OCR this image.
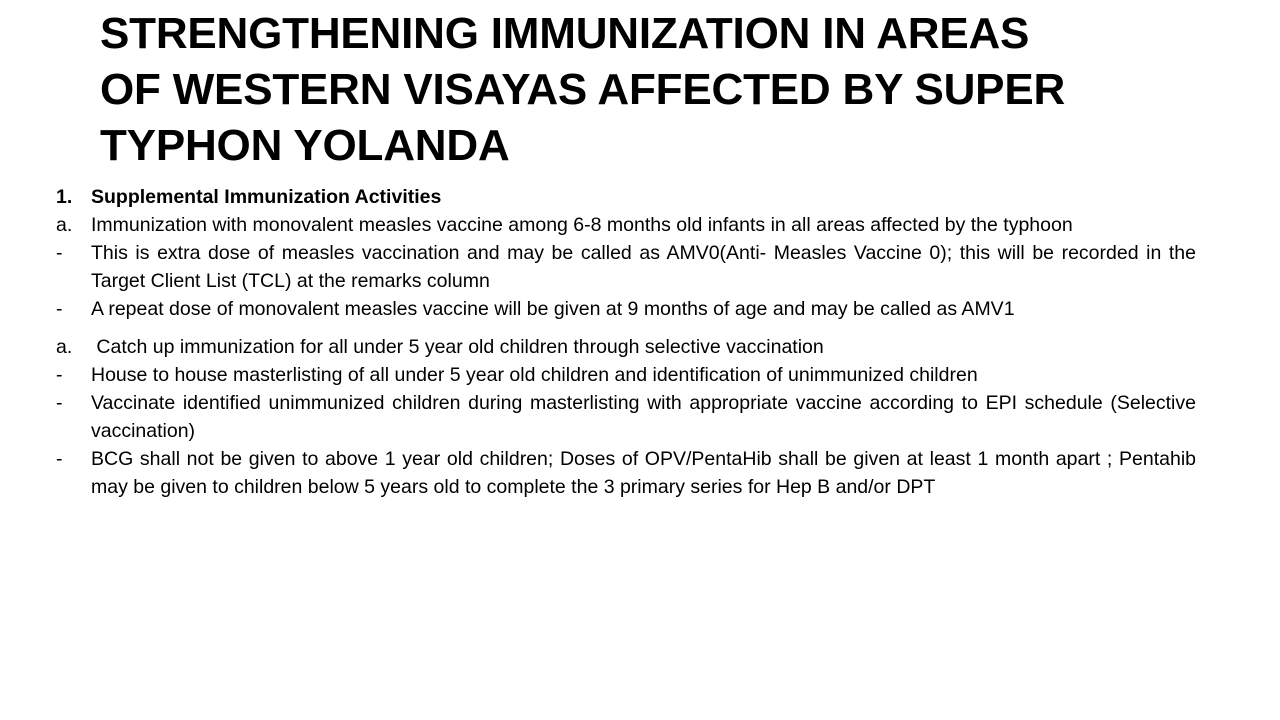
STRENGTHENING IMMUNIZATION IN AREAS
OF WESTERN VISAYAS AFFECTED BY SUPER
TYPHON YOLANDA
1. Supplemental Immunization Activities
a. Immunization with monovalent measles vaccine among 6-8 months old infants in all areas affected by the typhoon
-	This is extra dose of measles vaccination and may be called as AMV0(Anti- Measles Vaccine 0); this will be recorded in the Target Client List (TCL) at the remarks column
-	A repeat dose of monovalent measles vaccine will be given at 9 months of age and may be called as AMV1
a. Catch up immunization for all under 5 year old children through selective vaccination
-	House to house masterlisting of all under 5 year old children and identification of unimmunized children
-	Vaccinate identified unimmunized children during masterlisting with appropriate vaccine according to EPI schedule (Selective vaccination)
-	BCG shall not be given to above 1 year old children; Doses of OPV/PentaHib shall be given at least 1 month apart ; Pentahib may be given to children below 5 years old to complete the 3 primary series for Hep B and/or DPT
